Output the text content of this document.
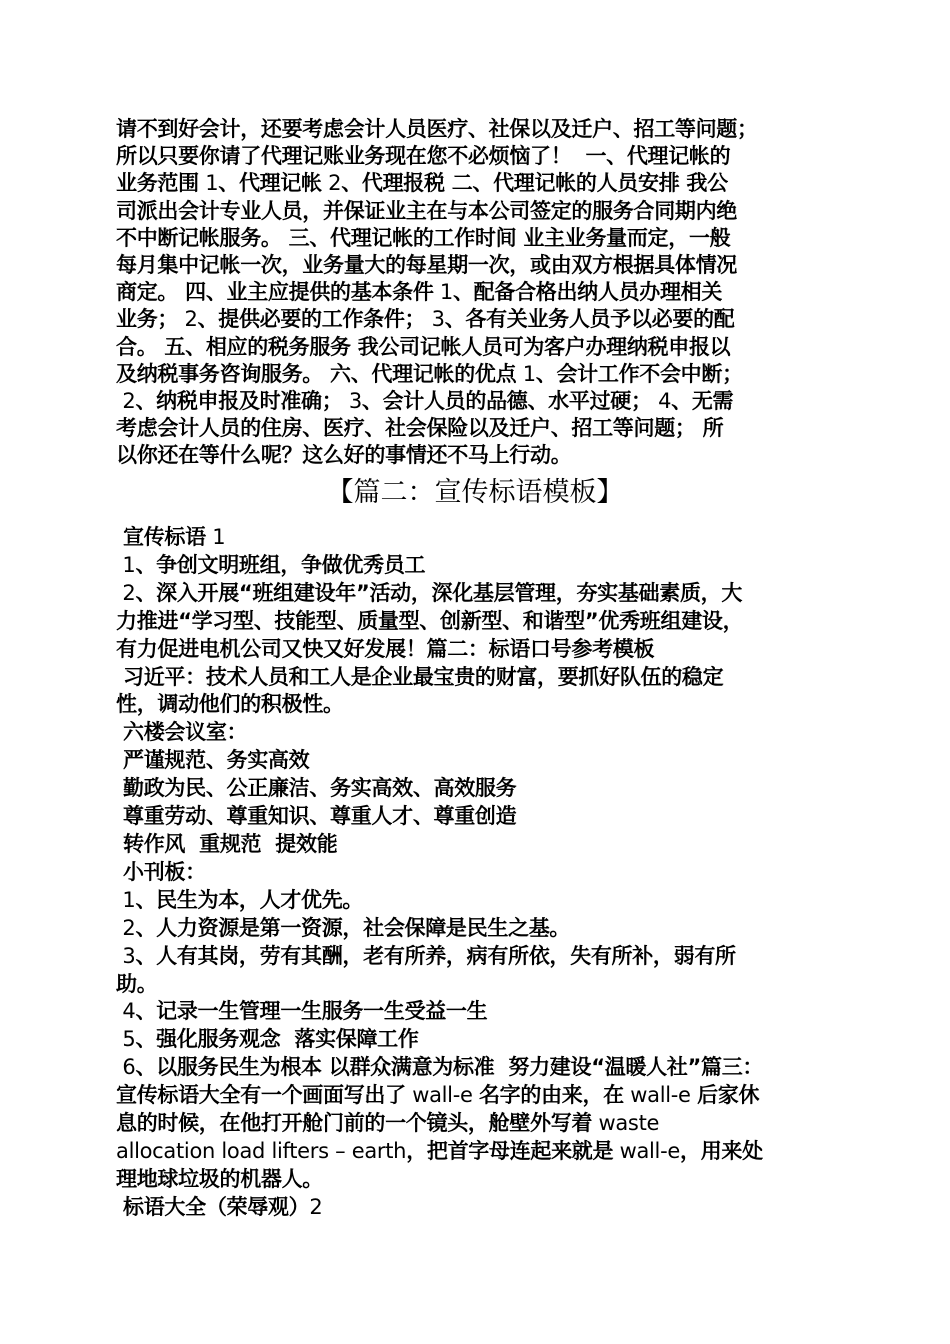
请不到好会计，还要考虑会计人员医疗、社保以及迁户、招工等问题；
所以只要你请了代理记账业务现在您不必烦恼了！ 一、代理记帐的
业务范围 1、代理记帐 2、代理报税 二、代理记帐的人员安排 我公
司派出会计专业人员，并保证业主在与本公司签定的服务合同期内绝
不中断记帐服务。 三、代理记帐的工作时间 业主业务量而定，一般
每月集中记帐一次，业务量大的每星期一次，或由双方根据具体情况
商定。 四、业主应提供的基本条件 1、配备合格出纳人员办理相关
业务； 2、提供必要的工作条件； 3、各有关业务人员予以必要的配
合。 五、相应的税务服务 我公司记帐人员可为客户办理纳税申报以
及纳税事务咨询服务。 六、代理记帐的优点 1、会计工作不会中断；
2、纳税申报及时准确； 3、会计人员的品德、水平过硬； 4、无需
考虑会计人员的住房、医疗、社会保险以及迁户、招工等问题； 所
以你还在等什么呢？这么好的事情还不马上行动。
【篇二：宣传标语模板】
宣传标语 1
1、争创文明班组，争做优秀员工
2、深入开展“班组建设年”活动，深化基层管理，夯实基础素质，大
力推进“学习型、技能型、质量型、创新型、和谐型”优秀班组建设，
有力促进电机公司又快又好发展！篇二：标语口号参考模板
习近平：技术人员和工人是企业最宝贵的财富，要抓好队伍的稳定
性，调动他们的积极性。
六楼会议室：
严谨规范、务实高效
勤政为民、公正廉洁、务实高效、高效服务
尊重劳动、尊重知识、尊重人才、尊重创造
转作风 重规范 提效能
小刊板：
1、民生为本，人才优先。
2、人力资源是第一资源，社会保障是民生之基。
3、人有其岗，劳有其酬，老有所养，病有所依，失有所补，弱有所
助。
4、记录一生管理一生服务一生受益一生
5、强化服务观念 落实保障工作
6、以服务民生为根本 以群众满意为标准 努力建设“温暖人社”篇三：
宣传标语大全有一个画面写出了 wall-e 名字的由来，在 wall-e 后家休
息的时候，在他打开舱门前的一个镜头，舱壁外写着 waste
allocation load lifters – earth，把首字母连起来就是 wall-e，用来处
理地球垃圾的机器人。
标语大全（荣辱观）2
